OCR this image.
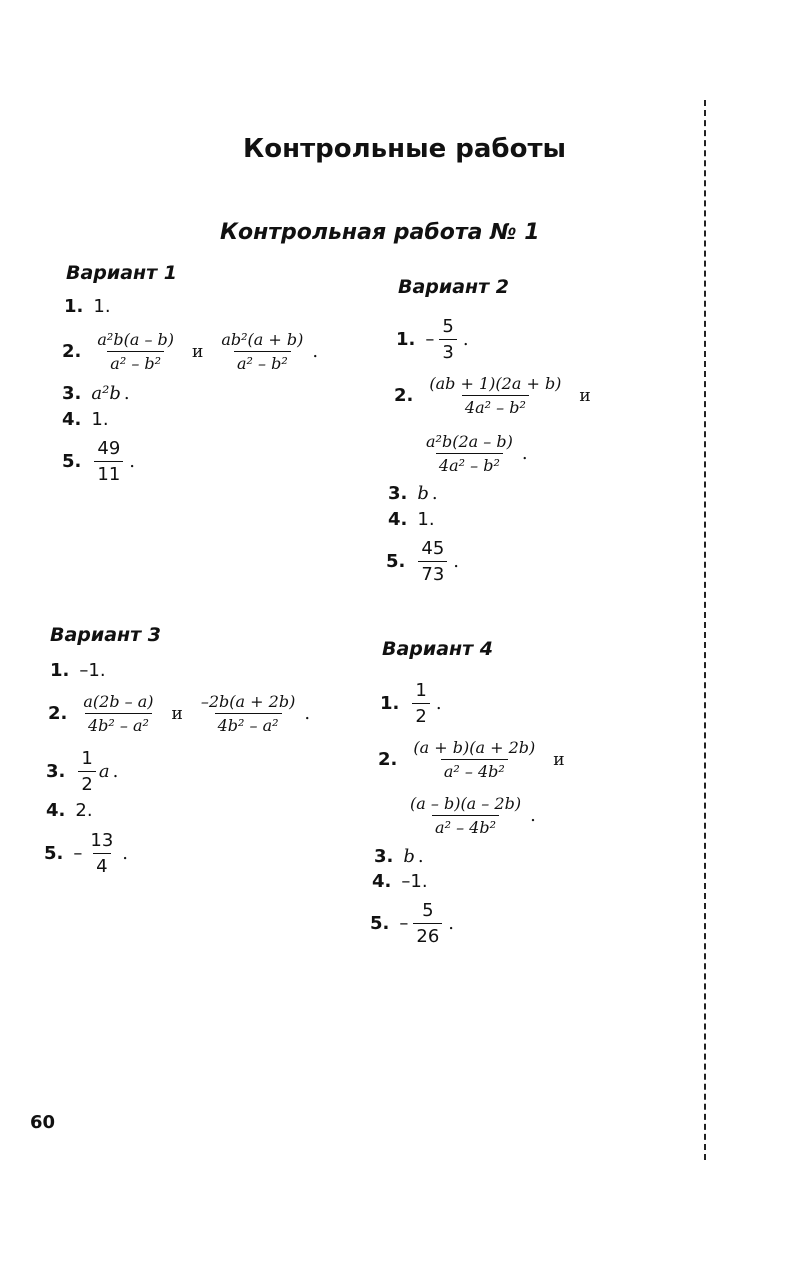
Контрольные работы
Контрольная работа № 1
Вариант 1
1. 1.
2. $\frac{\text{a²b(a – b)}}{\text{a² – b²}}$ и $\frac{\text{ab²(a + b)}}{\text{a² – b²}}$ .
3. a²b .
4. 1.
5. $\frac{49}{11}$ .
Вариант 2
1. – $\frac{5}{3}$ .
2. $\frac{(ab + 1)(2a + b)}{\text{4a² – b²}}$ и
$\frac{\text{a²b(2a – b)}}{\text{4a² – b²}}$ .
3. b .
4. 1.
5. $\frac{45}{73}$ .
Вариант 3
1. –1.
2. $\frac{a(2b - a)}{\text{4b² – a²}}$ и $\frac{-2b(a + 2b)}{\text{4b² – a²}}$ .
3. $\frac{1}{2}$ a .
4. 2.
5. – $\frac{13}{4}$ .
Вариант 4
1. $\frac{1}{2}$ .
2. $\frac{(a + b)(a + 2b)}{\text{a² – 4b²}}$ и
$\frac{(a - b)(a - 2b)}{\text{a² – 4b²}}$ .
3. b .
4. –1.
5. – $\frac{5}{26}$ .
60
